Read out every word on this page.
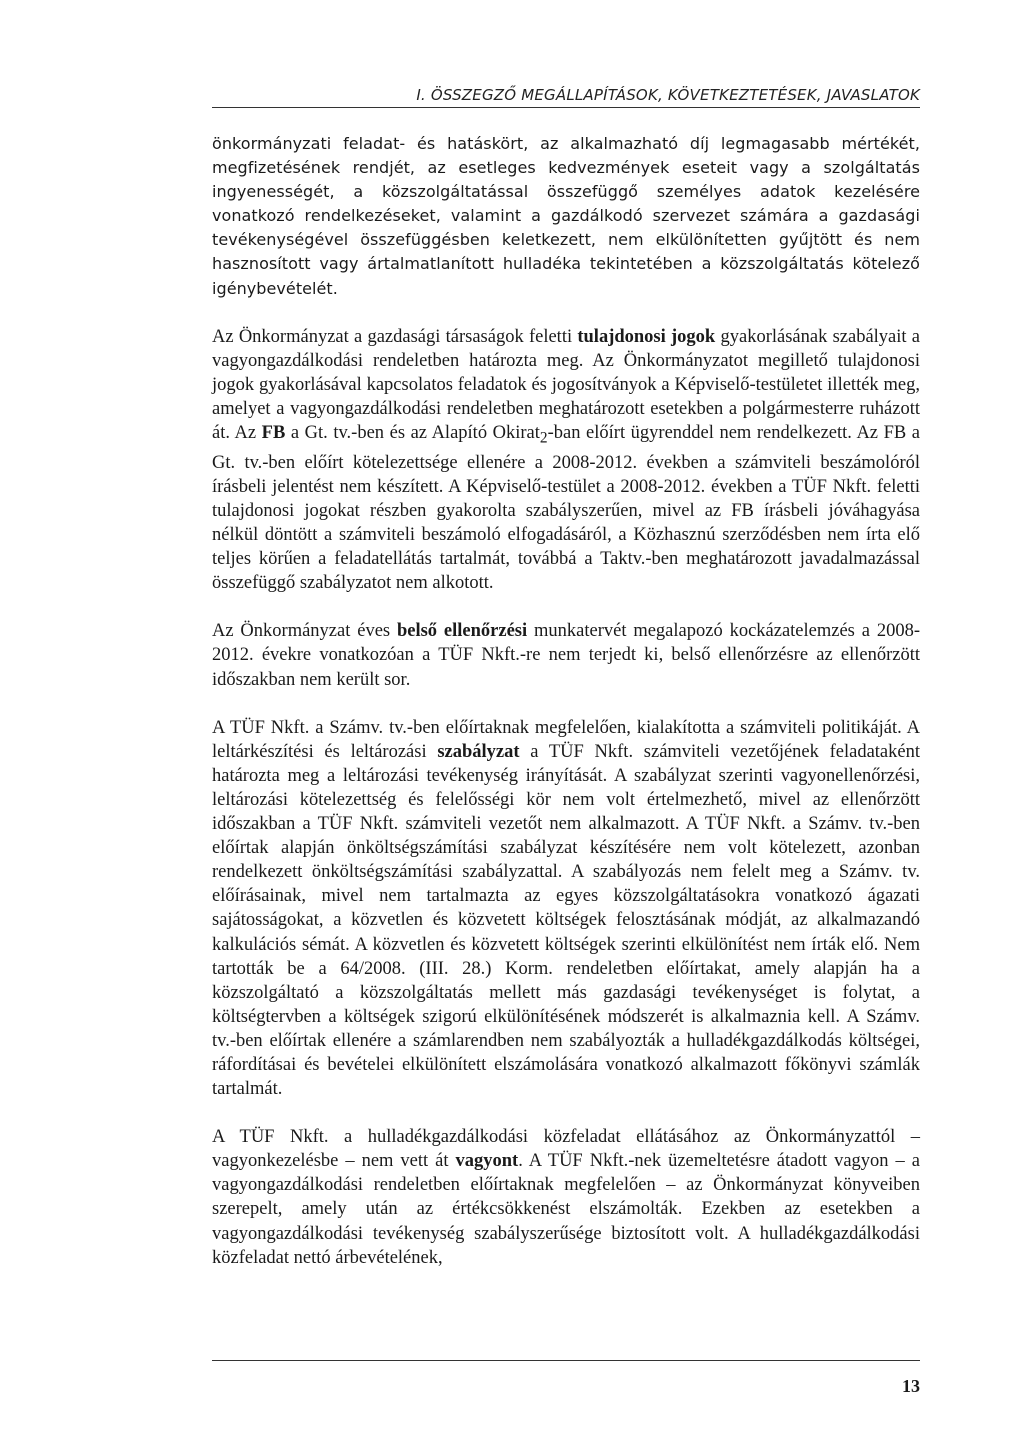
I. ÖSSZEGZŐ MEGÁLLAPÍTÁSOK, KÖVETKEZTETÉSEK, JAVASLATOK

önkormányzati feladat- és hatáskört, az alkalmazható díj legmagasabb mértékét, megfizetésének rendjét, az esetleges kedvezmények eseteit vagy a szolgáltatás ingyenességét, a közszolgáltatással összefüggő személyes adatok kezelésére vonatkozó rendelkezéseket, valamint a gazdálkodó szervezet számára a gazdasági tevékenységével összefüggésben keletkezett, nem elkülönítetten gyűjtött és nem hasznosított vagy ártalmatlanított hulladéka tekintetében a közszolgáltatás kötelező igénybevételét.

Az Önkormányzat a gazdasági társaságok feletti tulajdonosi jogok gyakorlásának szabályait a vagyongazdálkodási rendeletben határozta meg. Az Önkormányzatot megillető tulajdonosi jogok gyakorlásával kapcsolatos feladatok és jogosítványok a Képviselő-testületet illették meg, amelyet a vagyongazdálkodási rendeletben meghatározott esetekben a polgármesterre ruházott át. Az FB a Gt. tv.-ben és az Alapító Okirat$_2$-ban előírt ügyrenddel nem rendelkezett. Az FB a Gt. tv.-ben előírt kötelezettsége ellenére a 2008-2012. években a számviteli beszámolóról írásbeli jelentést nem készített. A Képviselő-testület a 2008-2012. években a TÜF Nkft. feletti tulajdonosi jogokat részben gyakorolta szabályszerűen, mivel az FB írásbeli jóváhagyása nélkül döntött a számviteli beszámoló elfogadásáról, a Közhasznú szerződésben nem írta elő teljes körűen a feladatellátás tartalmát, továbbá a Taktv.-ben meghatározott javadalmazással összefüggő szabályzatot nem alkotott.

Az Önkormányzat éves belső ellenőrzési munkatervét megalapozó kockázatelemzés a 2008-2012. évekre vonatkozóan a TÜF Nkft.-re nem terjedt ki, belső ellenőrzésre az ellenőrzött időszakban nem került sor.

A TÜF Nkft. a Számv. tv.-ben előírtaknak megfelelően, kialakította a számviteli politikáját. A leltárkészítési és leltározási szabályzat a TÜF Nkft. számviteli vezetőjének feladataként határozta meg a leltározási tevékenység irányítását. A szabályzat szerinti vagyonellenőrzési, leltározási kötelezettség és felelősségi kör nem volt értelmezhető, mivel az ellenőrzött időszakban a TÜF Nkft. számviteli vezetőt nem alkalmazott. A TÜF Nkft. a Számv. tv.-ben előírtak alapján önköltségszámítási szabályzat készítésére nem volt kötelezett, azonban rendelkezett önköltségszámítási szabályzattal. A szabályozás nem felelt meg a Számv. tv. előírásainak, mivel nem tartalmazta az egyes közszolgáltatásokra vonatkozó ágazati sajátosságokat, a közvetlen és közvetett költségek felosztásának módját, az alkalmazandó kalkulációs sémát. A közvetlen és közvetett költségek szerinti elkülönítést nem írták elő. Nem tartották be a 64/2008. (III. 28.) Korm. rendeletben előírtakat, amely alapján ha a közszolgáltató a közszolgáltatás mellett más gazdasági tevékenységet is folytat, a költségtervben a költségek szigorú elkülönítésének módszerét is alkalmaznia kell. A Számv. tv.-ben előírtak ellenére a számlarendben nem szabályozták a hulladékgazdálkodás költségei, ráfordításai és bevételei elkülönített elszámolására vonatkozó alkalmazott főkönyvi számlák tartalmát.

A TÜF Nkft. a hulladékgazdálkodási közfeladat ellátásához az Önkormányzattól – vagyonkezelésbe – nem vett át vagyont. A TÜF Nkft.-nek üzemeltetésre átadott vagyon – a vagyongazdálkodási rendeletben előírtaknak megfelelően – az Önkormányzat könyveiben szerepelt, amely után az értékcsökkenést elszámolták. Ezekben az esetekben a vagyongazdálkodási tevékenység szabályszerűsége biztosított volt. A hulladékgazdálkodási közfeladat nettó árbevételének,

13
